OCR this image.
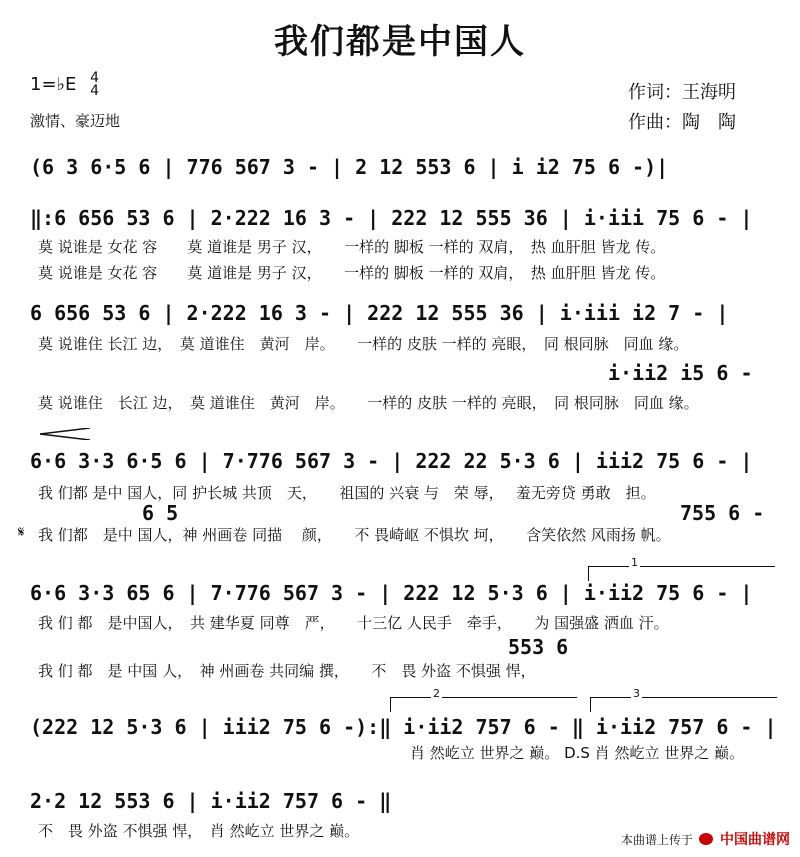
我们都是中国人
1=♭E 4
4
激情、豪迈地
作词：王海明
作曲：陶　陶
(6 3 6·5 6 | 776 567 3 - | 2 12 553 6 | i i2 75 6 -)|
‖:6 656 53 6 | 2·222 16 3 - | 222 12 555 36 | i·iii 75 6 - |
6 656 53 6 | 2·222 16 3 - | 222 12 555 36 | i·iii i2 7 - |
i·ii2 i5 6 -
6·6 3·3 6·5 6 | 7·776 567 3 - | 222 22 5·3 6 | iii2 75 6 - |
6 5	755 6 -
6·6 3·3 65 6 | 7·776 567 3 - | 222 12 5·3 6 | i·ii2 75 6 - |
553 6
(222 12 5·3 6 | iii2 75 6 -):‖ i·ii2 757 6 - ‖ i·ii2 757 6 - |
2·2 12 553 6 | i·ii2 757 6 - ‖
莫 说谁是 女花 容　　莫 道谁是 男子 汉，　　一样的 脚板 一样的 双肩，　热 血肝胆 皆龙 传。
莫 说谁是 女花 容　　莫 道谁是 男子 汉，　　一样的 脚板 一样的 双肩，　热 血肝胆 皆龙 传。
莫 说谁住 长江 边，　莫 道谁住　黄河　岸。　　一样的 皮肤 一样的 亮眼，　同 根同脉　同血 缘。
莫 说谁住　长江 边，　莫 道谁住　黄河　岸。　　一样的 皮肤 一样的 亮眼，　同 根同脉　同血 缘。
我 们都 是中 国人，同 护长城 共顶　天，　　祖国的 兴衰 与　荣 辱，　 羞无旁贷 勇敢　担。
我 们都　是中 国人，神 州画卷 同描　 颜，　　不 畏崎岖 不惧坎 坷，　　含笑依然 风雨扬 帆。
我 们 都　是中国人，　共 建华夏 同尊　严，　　十三亿 人民手　牵手，　　为 国强盛 洒血 汗。
我 们 都　是 中国 人，　神 州画卷 共同编 撰，　　不　畏 外盗 不惧强 悍，
肖 然屹立 世界之 巅。 D.S 肖 然屹立 世界之 巅。
不　畏 外盗 不惧强 悍，　肖 然屹立 世界之 巅。
𝄋
1
2	3
本曲谱上传于 中国曲谱网
